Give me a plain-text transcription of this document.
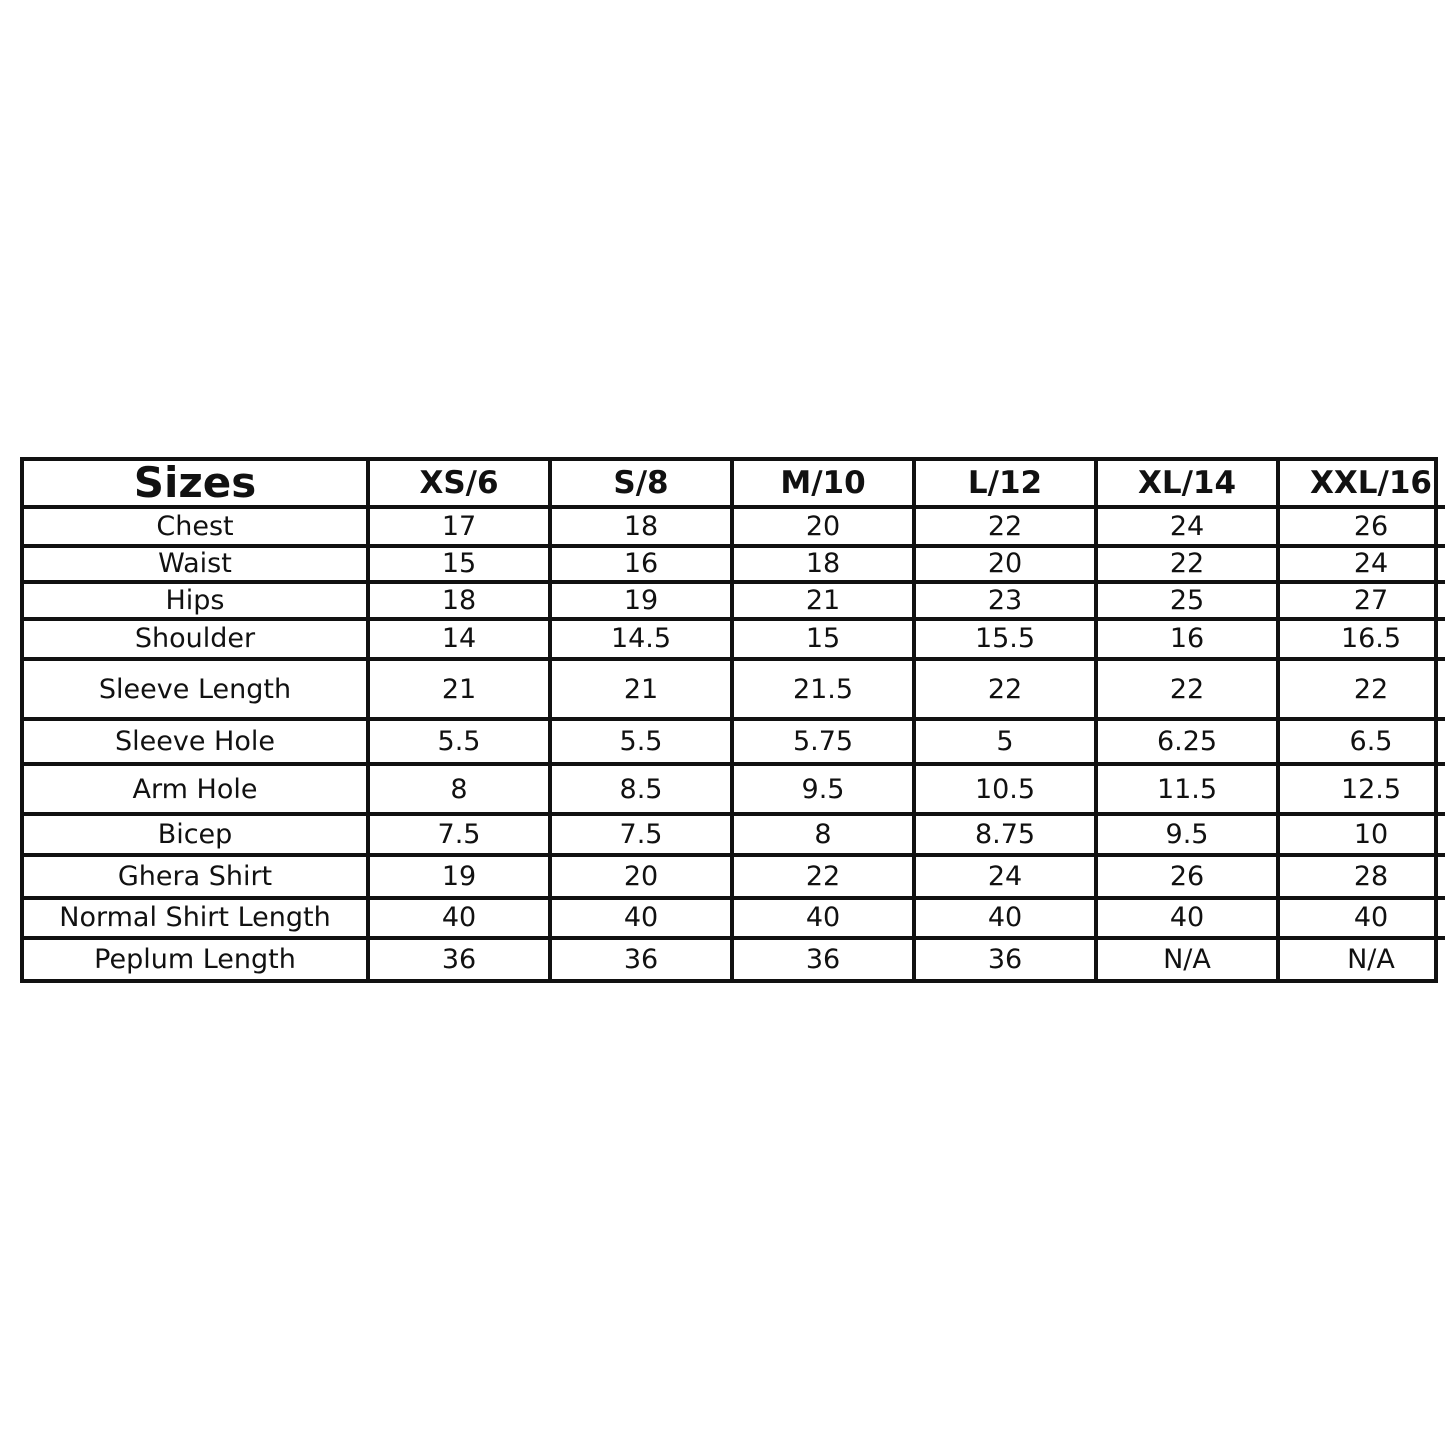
Sizes	XS/6	S/8	M/10	L/12	XL/14	XXL/16
Chest	17	18	20	22	24	26
Waist	15	16	18	20	22	24
Hips	18	19	21	23	25	27
Shoulder	14	14.5	15	15.5	16	16.5
Sleeve Length	21	21	21.5	22	22	22
Sleeve Hole	5.5	5.5	5.75	5	6.25	6.5
Arm Hole	8	8.5	9.5	10.5	11.5	12.5
Bicep	7.5	7.5	8	8.75	9.5	10
Ghera Shirt	19	20	22	24	26	28
Normal Shirt Length	40	40	40	40	40	40
Peplum Length	36	36	36	36	N/A	N/A
